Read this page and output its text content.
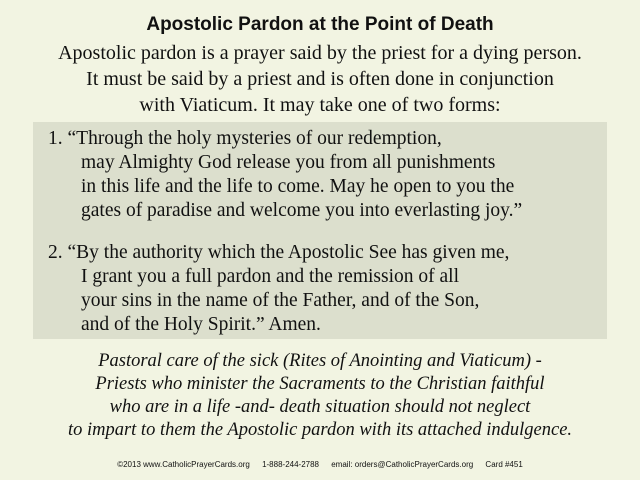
Apostolic Pardon at the Point of Death
Apostolic pardon is a prayer said by the priest for a dying person.
It must be said by a priest and is often done in conjunction
with Viaticum. It may take one of two forms:
1. “Through the holy mysteries of our redemption,
may Almighty God release you from all punishments
in this life and the life to come. May he open to you the
gates of paradise and welcome you into everlasting joy.”
2. “By the authority which the Apostolic See has given me,
I grant you a full pardon and the remission of all
your sins in the name of the Father, and of the Son,
and of the Holy Spirit.” Amen.
Pastoral care of the sick (Rites of Anointing and Viaticum) -
Priests who minister the Sacraments to the Christian faithful
who are in a life -and- death situation should not neglect
to impart to them the Apostolic pardon with its attached indulgence.
©2013 www.CatholicPrayerCards.org 1-888-244-2788 email: orders@CatholicPrayerCards.org Card #451
